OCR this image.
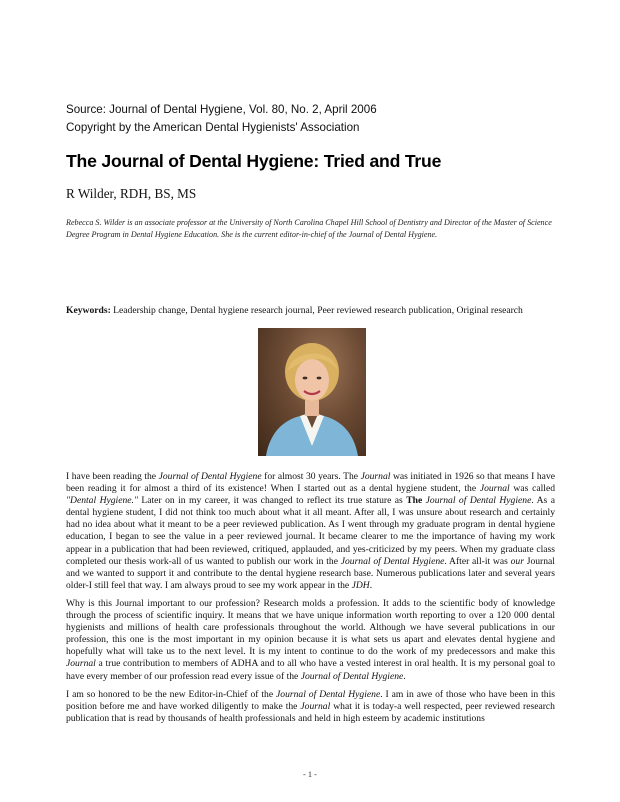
Source: Journal of Dental Hygiene, Vol. 80, No. 2, April 2006
Copyright by the American Dental Hygienists' Association
The Journal of Dental Hygiene: Tried and True
R Wilder, RDH, BS, MS
Rebecca S. Wilder is an associate professor at the University of North Carolina Chapel Hill School of Dentistry and Director of the Master of Science Degree Program in Dental Hygiene Education. She is the current editor-in-chief of the Journal of Dental Hygiene.
Keywords: Leadership change, Dental hygiene research journal, Peer reviewed research publication, Original research

I have been reading the Journal of Dental Hygiene for almost 30 years. The Journal was initiated in 1926 so that means I have been reading it for almost a third of its existence! When I started out as a dental hygiene student, the Journal was called "Dental Hygiene." Later on in my career, it was changed to reflect its true stature as The Journal of Dental Hygiene. As a dental hygiene student, I did not think too much about what it all meant. After all, I was unsure about research and certainly had no idea about what it meant to be a peer reviewed publication. As I went through my graduate program in dental hygiene education, I began to see the value in a peer reviewed journal. It became clearer to me the importance of having my work appear in a publication that had been reviewed, critiqued, applauded, and yes-criticized by my peers. When my graduate class completed our thesis work-all of us wanted to publish our work in the Journal of Dental Hygiene. After all-it was our Journal and we wanted to support it and contribute to the dental hygiene research base. Numerous publications later and several years older-I still feel that way. I am always proud to see my work appear in the JDH.

Why is this Journal important to our profession? Research molds a profession. It adds to the scientific body of knowledge through the process of scientific inquiry. It means that we have unique information worth reporting to over a 120 000 dental hygienists and millions of health care professionals throughout the world. Although we have several publications in our profession, this one is the most important in my opinion because it is what sets us apart and elevates dental hygiene and hopefully what will take us to the next level. It is my intent to continue to do the work of my predecessors and make this Journal a true contribution to members of ADHA and to all who have a vested interest in oral health. It is my personal goal to have every member of our profession read every issue of the Journal of Dental Hygiene.

I am so honored to be the new Editor-in-Chief of the Journal of Dental Hygiene. I am in awe of those who have been in this position before me and have worked diligently to make the Journal what it is today-a well respected, peer reviewed research publication that is read by thousands of health professionals and held in high esteem by academic institutions

- 1 -
